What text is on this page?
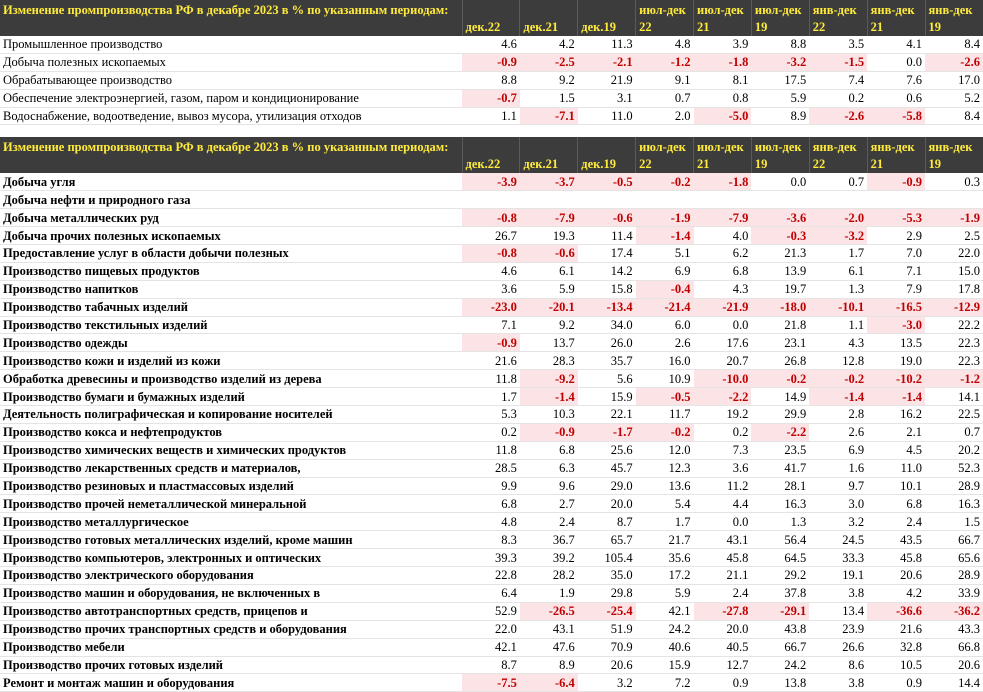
Изменение промпроизводства РФ в декабре 2023 в % по указанным периодам:	дек.22	дек.21	дек.19	июл-дек 22	июл-дек 21	июл-дек 19	янв-дек 22	янв-дек 21	янв-дек 19
Промышленное производство	4.6	4.2	11.3	4.8	3.9	8.8	3.5	4.1	8.4
Добыча полезных ископаемых	-0.9	-2.5	-2.1	-1.2	-1.8	-3.2	-1.5	0.0	-2.6
Обрабатывающее производство	8.8	9.2	21.9	9.1	8.1	17.5	7.4	7.6	17.0
Обеспечение электроэнергией, газом, паром и кондиционирование	-0.7	1.5	3.1	0.7	0.8	5.9	0.2	0.6	5.2
Водоснабжение, водоотведение, вывоз мусора, утилизация отходов	1.1	-7.1	11.0	2.0	-5.0	8.9	-2.6	-5.8	8.4

Изменение промпроизводства РФ в декабре 2023 в % по указанным периодам:	дек.22	дек.21	дек.19	июл-дек 22	июл-дек 21	июл-дек 19	янв-дек 22	янв-дек 21	янв-дек 19
Добыча угля	-3.9	-3.7	-0.5	-0.2	-1.8	0.0	0.7	-0.9	0.3
Добыча нефти и природного газа									
Добыча металлических руд	-0.8	-7.9	-0.6	-1.9	-7.9	-3.6	-2.0	-5.3	-1.9
Добыча прочих полезных ископаемых	26.7	19.3	11.4	-1.4	4.0	-0.3	-3.2	2.9	2.5
Предоставление услуг в области добычи полезных	-0.8	-0.6	17.4	5.1	6.2	21.3	1.7	7.0	22.0
Производство пищевых продуктов	4.6	6.1	14.2	6.9	6.8	13.9	6.1	7.1	15.0
Производство напитков	3.6	5.9	15.8	-0.4	4.3	19.7	1.3	7.9	17.8
Производство табачных изделий	-23.0	-20.1	-13.4	-21.4	-21.9	-18.0	-10.1	-16.5	-12.9
Производство текстильных изделий	7.1	9.2	34.0	6.0	0.0	21.8	1.1	-3.0	22.2
Производство одежды	-0.9	13.7	26.0	2.6	17.6	23.1	4.3	13.5	22.3
Производство кожи и изделий из кожи	21.6	28.3	35.7	16.0	20.7	26.8	12.8	19.0	22.3
Обработка древесины и производство изделий из дерева	11.8	-9.2	5.6	10.9	-10.0	-0.2	-0.2	-10.2	-1.2
Производство бумаги и бумажных изделий	1.7	-1.4	15.9	-0.5	-2.2	14.9	-1.4	-1.4	14.1
Деятельность полиграфическая и копирование носителей	5.3	10.3	22.1	11.7	19.2	29.9	2.8	16.2	22.5
Производство кокса и нефтепродуктов	0.2	-0.9	-1.7	-0.2	0.2	-2.2	2.6	2.1	0.7
Производство химических веществ и химических продуктов	11.8	6.8	25.6	12.0	7.3	23.5	6.9	4.5	20.2
Производство лекарственных средств и материалов,	28.5	6.3	45.7	12.3	3.6	41.7	1.6	11.0	52.3
Производство резиновых и пластмассовых изделий	9.9	9.6	29.0	13.6	11.2	28.1	9.7	10.1	28.9
Производство прочей неметаллической минеральной	6.8	2.7	20.0	5.4	4.4	16.3	3.0	6.8	16.3
Производство металлургическое	4.8	2.4	8.7	1.7	0.0	1.3	3.2	2.4	1.5
Производство готовых металлических изделий, кроме машин	8.3	36.7	65.7	21.7	43.1	56.4	24.5	43.5	66.7
Производство компьютеров, электронных и оптических	39.3	39.2	105.4	35.6	45.8	64.5	33.3	45.8	65.6
Производство электрического оборудования	22.8	28.2	35.0	17.2	21.1	29.2	19.1	20.6	28.9
Производство машин и оборудования, не включенных в	6.4	1.9	29.8	5.9	2.4	37.8	3.8	4.2	33.9
Производство автотранспортных средств, прицепов и	52.9	-26.5	-25.4	42.1	-27.8	-29.1	13.4	-36.6	-36.2
Производство прочих транспортных средств и оборудования	22.0	43.1	51.9	24.2	20.0	43.8	23.9	21.6	43.3
Производство мебели	42.1	47.6	70.9	40.6	40.5	66.7	26.6	32.8	66.8
Производство прочих готовых изделий	8.7	8.9	20.6	15.9	12.7	24.2	8.6	10.5	20.6
Ремонт и монтаж машин и оборудования	-7.5	-6.4	3.2	7.2	0.9	13.8	3.8	0.9	14.4
